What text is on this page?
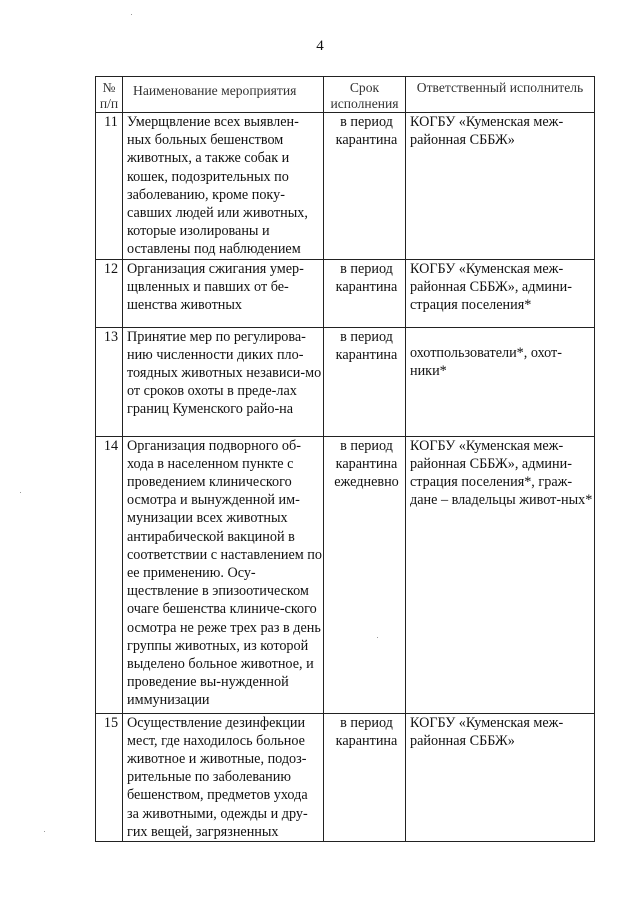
4
№ п/п	Наименование мероприятия	Срок исполнения	Ответственный исполнитель
11	Умерщвление всех выявлен-ных больных бешенством животных, а также собак и кошек, подозрительных по заболеванию, кроме поку-савших людей или животных, которые изолированы и оставлены под наблюдением	в период карантина	КОГБУ «Куменская меж-районная СББЖ»
12	Организация сжигания умер-щвленных и павших от бе-шенства животных	в период карантина	КОГБУ «Куменская меж-районная СББЖ», админи-страция поселения*
13	Принятие мер по регулирова-нию численности диких пло-тоядных животных независи-мо от сроков охоты в преде-лах границ Куменского райо-на	в период карантина	охотпользователи*, охот-ники*
14	Организация подворного об-хода в населенном пункте с проведением клинического осмотра и вынужденной им-мунизации всех животных антирабической вакциной в соответствии с наставлением по ее применению. Осу-ществление в эпизоотическом очаге бешенства клиниче-ского осмотра не реже трех раз в день группы животных, из которой выделено больное животное, и проведение вы-нужденной иммунизации	в период карантина ежедневно	КОГБУ «Куменская меж-районная СББЖ», админи-страция поселения*, граж-дане – владельцы живот-ных*
15	Осуществление дезинфекции мест, где находилось больное животное и животные, подоз-рительные по заболеванию бешенством, предметов ухода за животными, одежды и дру-гих вещей, загрязненных	в период карантина	КОГБУ «Куменская меж-районная СББЖ»
